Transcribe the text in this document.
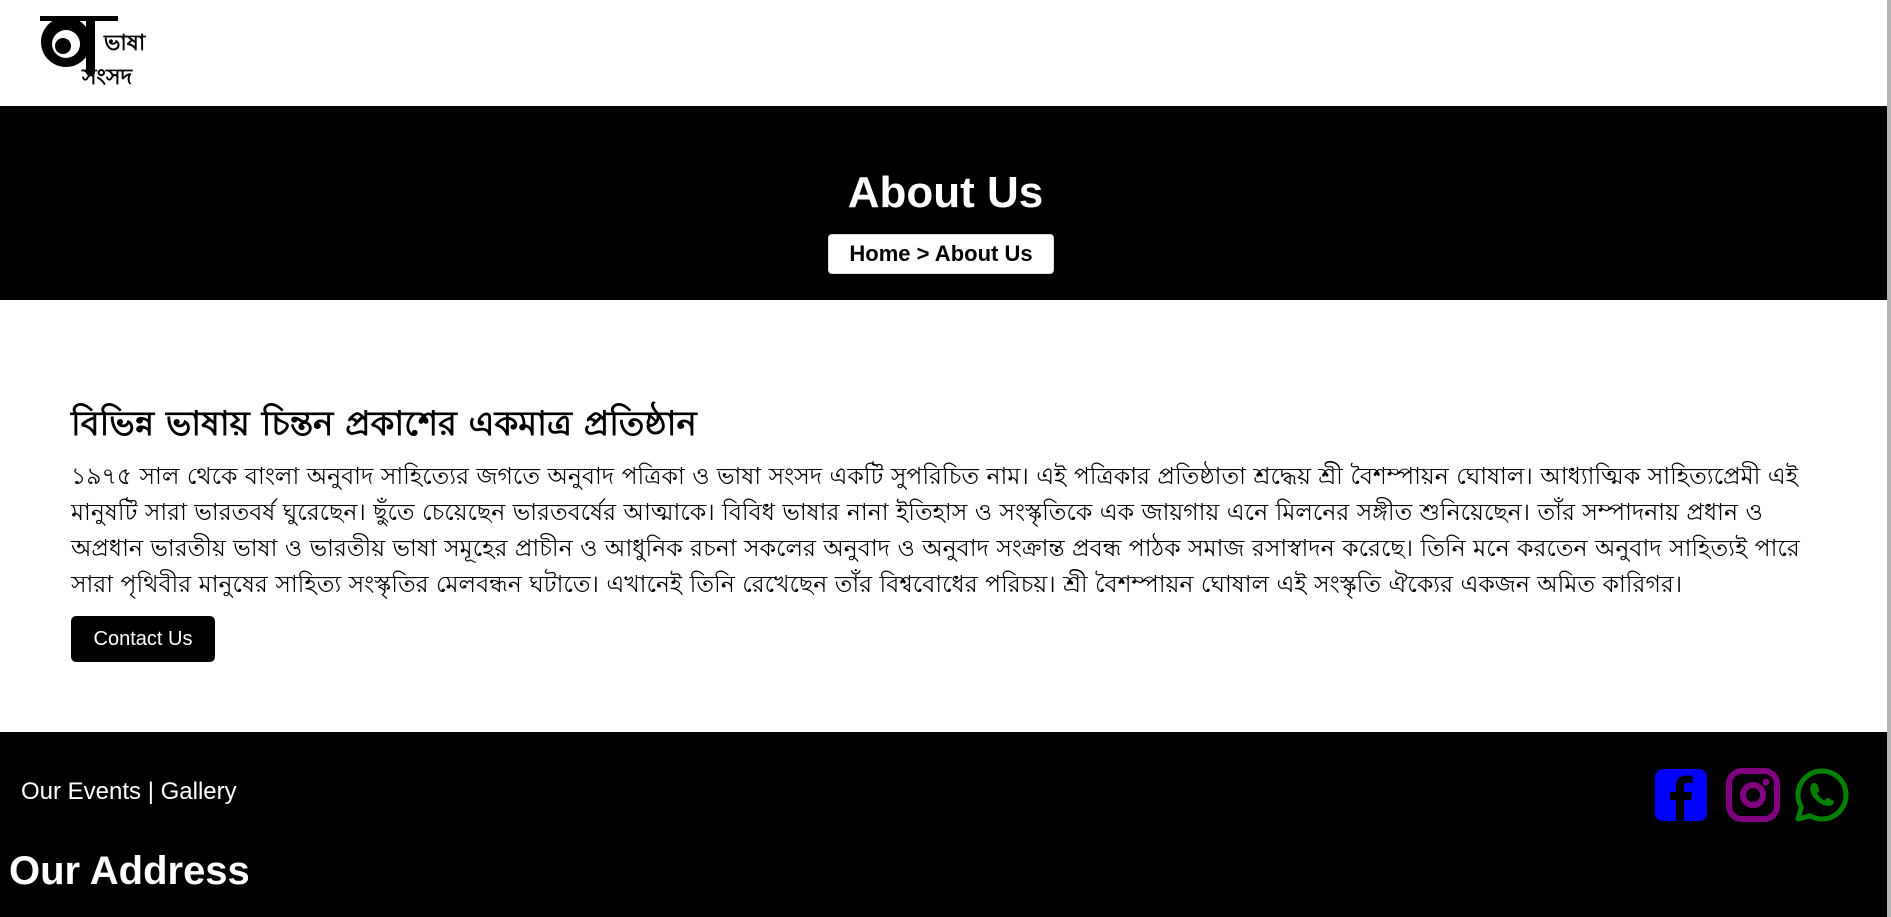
ভাষা
সংসদ
About Us
Home > About Us
বিভিন্ন ভাষায় চিন্তন প্রকাশের একমাত্র প্রতিষ্ঠান

১৯৭৫ সাল থেকে বাংলা অনুবাদ সাহিত্যের জগতে অনুবাদ পত্রিকা ও ভাষা সংসদ একটি সুপরিচিত নাম। এই পত্রিকার প্রতিষ্ঠাতা শ্রদ্ধেয় শ্রী বৈশম্পায়ন ঘোষাল। আধ্যাত্মিক সাহিত্যপ্রেমী এই মানুষটি সারা ভারতবর্ষ ঘুরেছেন। ছুঁতে চেয়েছেন ভারতবর্ষের আত্মাকে। বিবিধ ভাষার নানা ইতিহাস ও সংস্কৃতিকে এক জায়গায় এনে মিলনের সঙ্গীত শুনিয়েছেন। তাঁর সম্পাদনায় প্রধান ও অপ্রধান ভারতীয় ভাষা ও ভারতীয় ভাষা সমূহের প্রাচীন ও আধুনিক রচনা সকলের অনুবাদ ও অনুবাদ সংক্রান্ত প্রবন্ধ পাঠক সমাজ রসাস্বাদন করেছে। তিনি মনে করতেন অনুবাদ সাহিত্যই পারে সারা পৃথিবীর মানুষের সাহিত্য সংস্কৃতির মেলবন্ধন ঘটাতে। এখানেই তিনি রেখেছেন তাঁর বিশ্ববোধের পরিচয়। শ্রী বৈশম্পায়ন ঘোষাল এই সংস্কৃতি ঐক্যের একজন অমিত কারিগর।

Contact Us
Our Events | Gallery
Our Address
